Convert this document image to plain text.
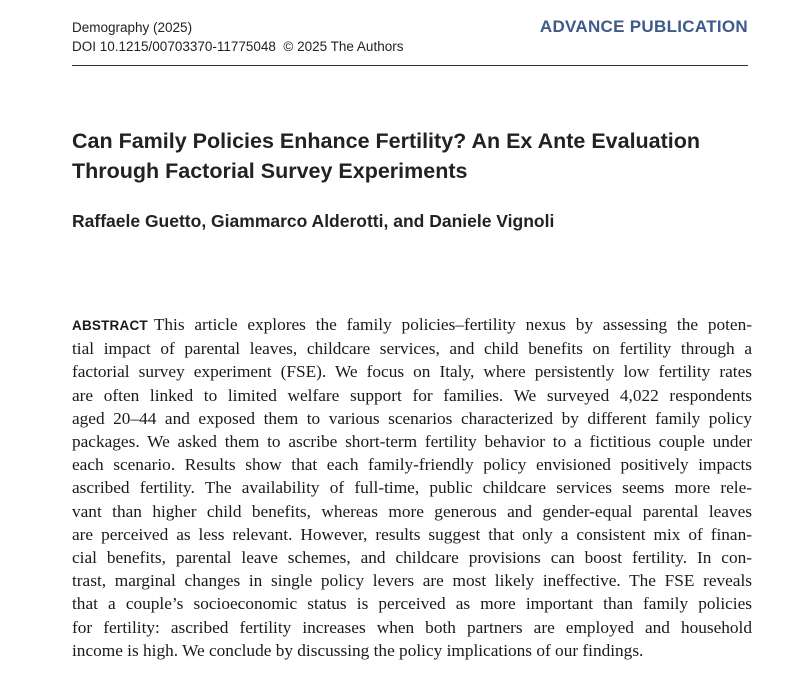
Demography (2025)
DOI 10.1215/00703370-11775048  © 2025 The Authors
ADVANCE PUBLICATION
Can Family Policies Enhance Fertility? An Ex Ante Evaluation
Through Factorial Survey Experiments
Raffaele Guetto, Giammarco Alderotti, and Daniele Vignoli
ABSTRACT This article explores the family policies–fertility nexus by assessing the poten-
tial impact of parental leaves, childcare services, and child benefits on fertility through a
factorial survey experiment (FSE). We focus on Italy, where persistently low fertility rates
are often linked to limited welfare support for families. We surveyed 4,022 respondents
aged 20–44 and exposed them to various scenarios characterized by different family policy
packages. We asked them to ascribe short-term fertility behavior to a fictitious couple under
each scenario. Results show that each family-friendly policy envisioned positively impacts
ascribed fertility. The availability of full-time, public childcare services seems more rele-
vant than higher child benefits, whereas more generous and gender-equal parental leaves
are perceived as less relevant. However, results suggest that only a consistent mix of finan-
cial benefits, parental leave schemes, and childcare provisions can boost fertility. In con-
trast, marginal changes in single policy levers are most likely ineffective. The FSE reveals
that a couple’s socioeconomic status is perceived as more important than family policies
for fertility: ascribed fertility increases when both partners are employed and household
income is high. We conclude by discussing the policy implications of our findings.
